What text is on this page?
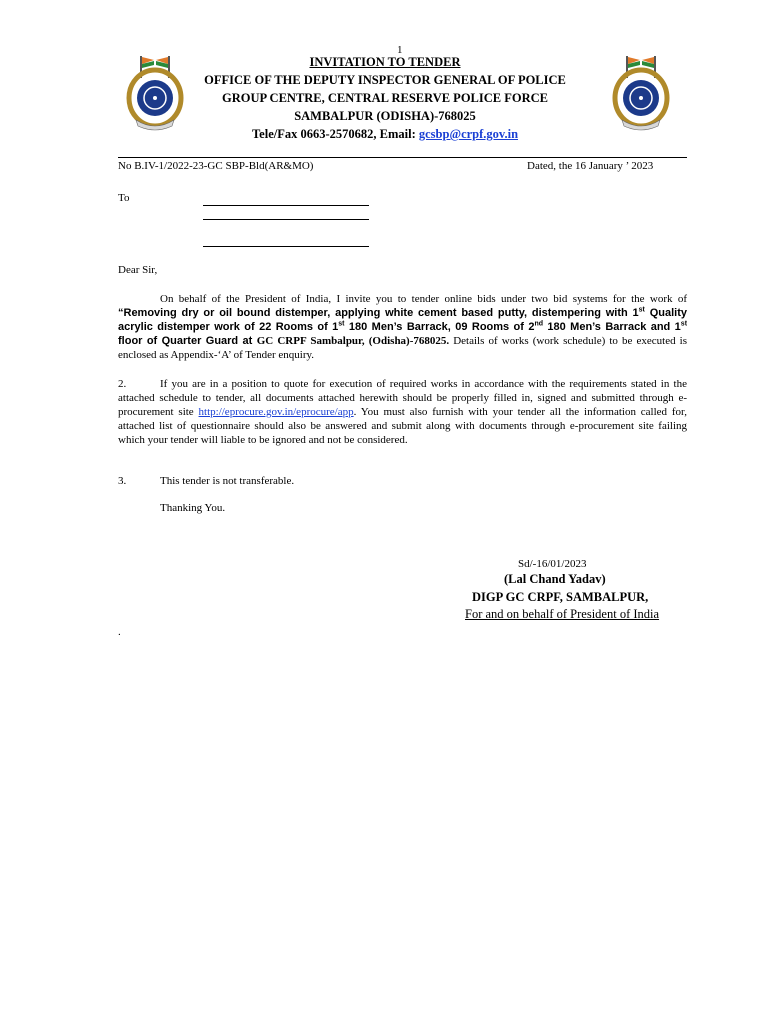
1
INVITATION TO TENDER
OFFICE OF THE DEPUTY INSPECTOR GENERAL OF POLICE
GROUP CENTRE, CENTRAL RESERVE POLICE FORCE
SAMBALPUR (ODISHA)-768025
Tele/Fax 0663-2570682, Email: gcsbp@crpf.gov.in
No B.IV-1/2022-23-GC SBP-Bld(AR&MO)	Dated, the 16 January ’ 2023
To
Dear Sir,
On behalf of the President of India, I invite you to tender online bids under two bid systems for the work of “Removing dry or oil bound distemper, applying white cement based putty, distempering with 1st Quality acrylic distemper work of 22 Rooms of 1st 180 Men’s Barrack, 09 Rooms of 2nd 180 Men’s Barrack and 1st floor of Quarter Guard at GC CRPF Sambalpur, (Odisha)-768025. Details of works (work schedule) to be executed is enclosed as Appendix-‘A’ of Tender enquiry.
2.	If you are in a position to quote for execution of required works in accordance with the requirements stated in the attached schedule to tender, all documents attached herewith should be properly filled in, signed and submitted through e-procurement site http://eprocure.gov.in/eprocure/app. You must also furnish with your tender all the information called for, attached list of questionnaire should also be answered and submit along with documents through e-procurement site failing which your tender will liable to be ignored and not be considered.
3.	This tender is not transferable.
Thanking You.
Sd/-16/01/2023
(Lal Chand Yadav)
DIGP GC CRPF, SAMBALPUR,
For and on behalf of President of India
.
